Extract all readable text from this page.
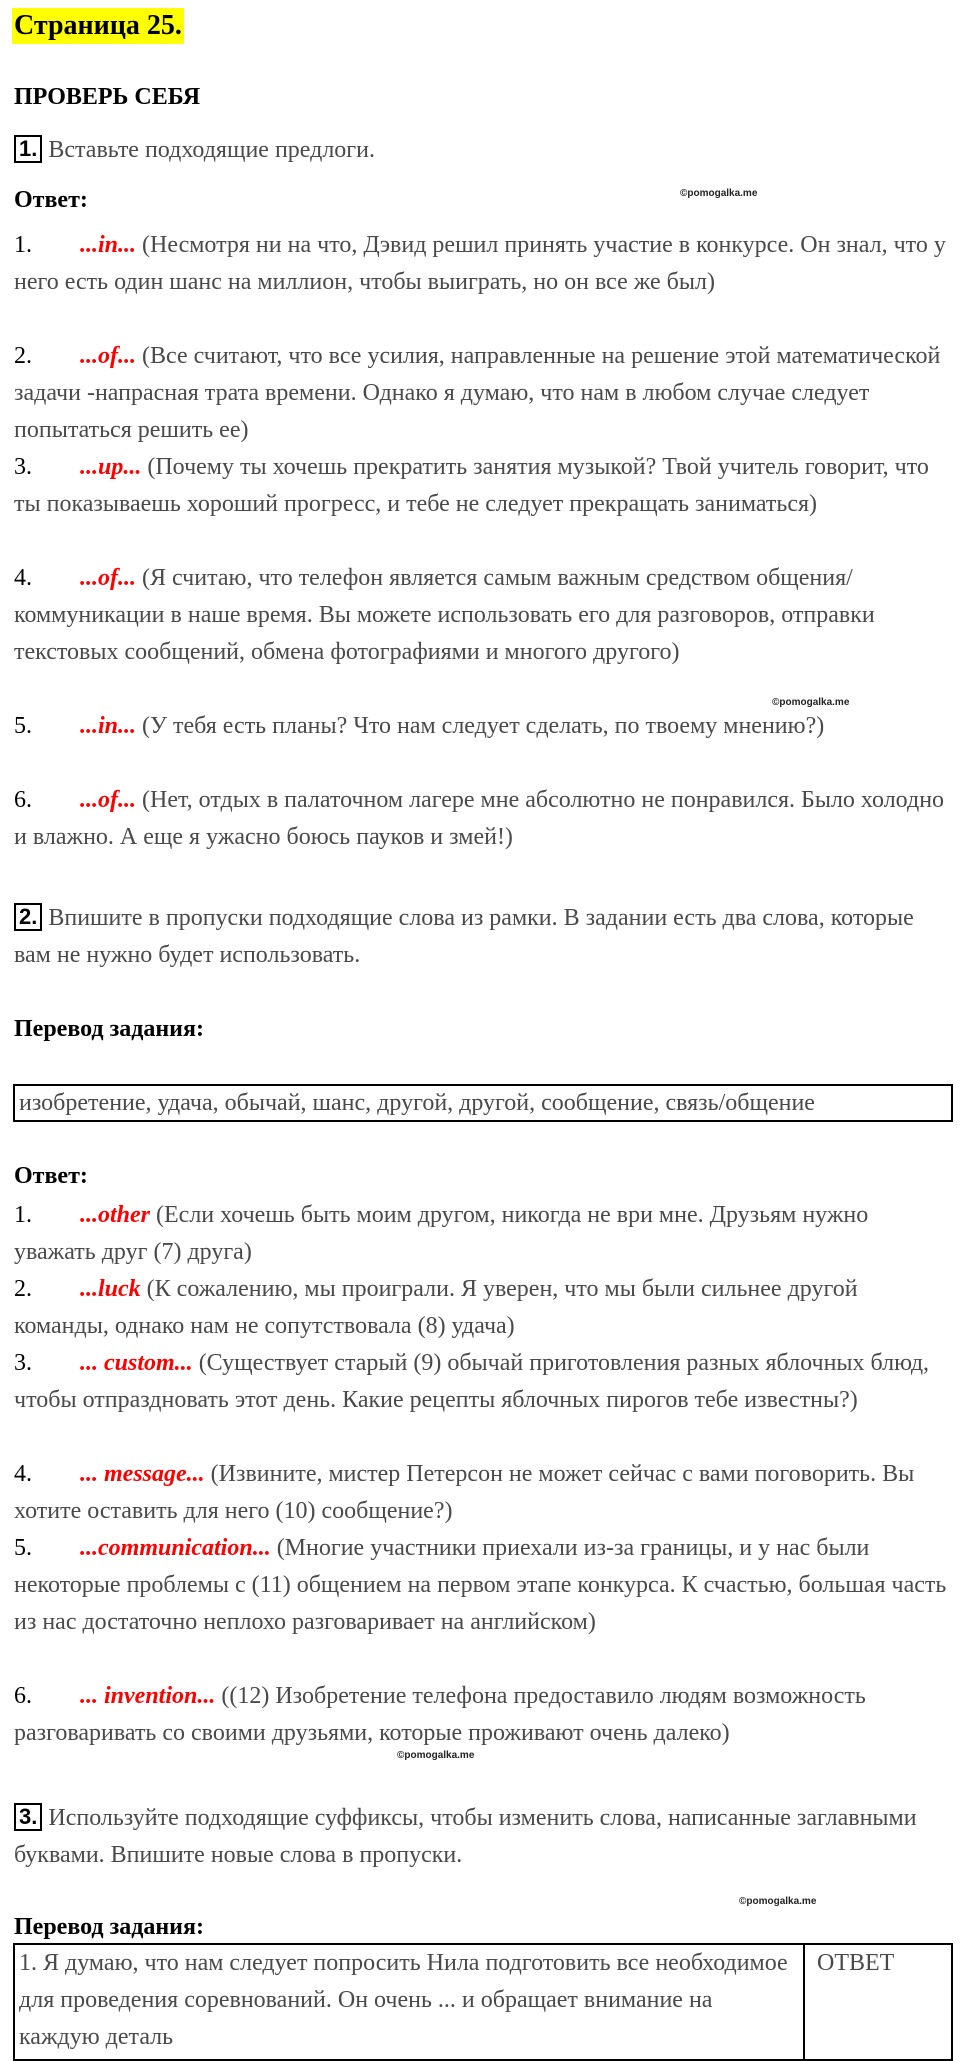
Страница 25.
ПРОВЕРЬ СЕБЯ
1. Вставьте подходящие предлоги.
Ответ:	©pomogalka.me
1. ...in... (Несмотря ни на что, Дэвид решил принять участие в конкурсе. Он знал, что у него есть один шанс на миллион, чтобы выиграть, но он все же был)
2. ...of... (Все считают, что все усилия, направленные на решение этой математической задачи -напрасная трата времени. Однако я думаю, что нам в любом случае следует попытаться решить ее)
3. ...up... (Почему ты хочешь прекратить занятия музыкой? Твой учитель говорит, что ты показываешь хороший прогресс, и тебе не следует прекращать заниматься)
4. ...of... (Я считаю, что телефон является самым важным средством общения/коммуникации в наше время. Вы можете использовать его для разговоров, отправки текстовых сообщений, обмена фотографиями и многого другого)
©pomogalka.me
5. ...in... (У тебя есть планы? Что нам следует сделать, по твоему мнению?)
6. ...of... (Нет, отдых в палаточном лагере мне абсолютно не понравился. Было холодно и влажно. А еще я ужасно боюсь пауков и змей!)
2. Впишите в пропуски подходящие слова из рамки. В задании есть два слова, которые вам не нужно будет использовать.
Перевод задания:
изобретение, удача, обычай, шанс, другой, другой, сообщение, связь/общение
Ответ:
1. ...other (Если хочешь быть моим другом, никогда не ври мне. Друзьям нужно уважать друг (7) друга)
2. ...luck (К сожалению, мы проиграли. Я уверен, что мы были сильнее другой команды, однако нам не сопутствовала (8) удача)
3. ... custom... (Существует старый (9) обычай приготовления разных яблочных блюд, чтобы отпраздновать этот день. Какие рецепты яблочных пирогов тебе известны?)
4. ... message... (Извините, мистер Петерсон не может сейчас с вами поговорить. Вы хотите оставить для него (10) сообщение?)
5. ...communication... (Многие участники приехали из-за границы, и у нас были некоторые проблемы с (11) общением на первом этапе конкурса. К счастью, большая часть из нас достаточно неплохо разговаривает на английском)
6. ... invention... ((12) Изобретение телефона предоставило людям возможность разговаривать со своими друзьями, которые проживают очень далеко)
©pomogalka.me
3. Используйте подходящие суффиксы, чтобы изменить слова, написанные заглавными буквами. Впишите новые слова в пропуски.
©pomogalka.me
Перевод задания:
1. Я думаю, что нам следует попросить Нила подготовить все необходимое для проведения соревнований. Он очень ... и обращает внимание на каждую деталь
ОТВЕТ
